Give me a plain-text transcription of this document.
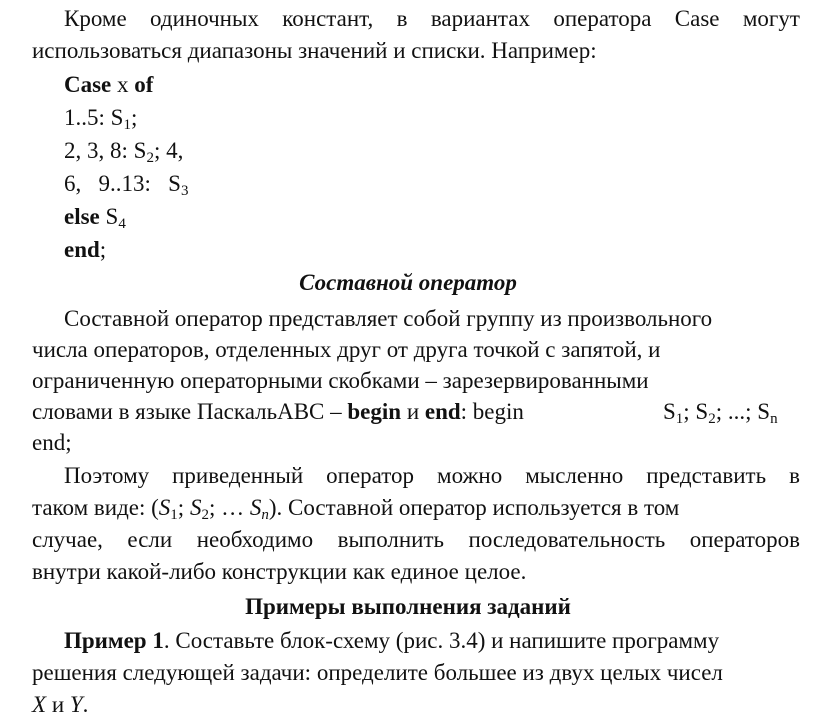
Кроме одиночных констант, в вариантах оператора Case могут
использоваться диапазоны значений и списки. Например:
Case x of
1..5: $S_1$;
2, 3, 8: $S_2$; 4,
6,   9..13:   $S_3$
else $S_4$
end;
Составной оператор
Составной оператор представляет собой группу из произвольного
числа операторов, отделенных друг от друга точкой с запятой, и
ограниченную операторными скобками – зарезервированными
словами в языке ПаскальABC – begin и end: begin	$S_1$; $S_2$; ...; $S_n$
end;
Поэтому приведенный оператор можно мысленно представить в
таком виде: ($S_1$; $S_2$; … $S_n$). Составной оператор используется в том
случае, если необходимо выполнить последовательность операторов
внутри какой-либо конструкции как единое целое.
Примеры выполнения заданий
Пример 1. Составьте блок-схему (рис. 3.4) и напишите программу
решения следующей задачи: определите большее из двух целых чисел
X и Y.
